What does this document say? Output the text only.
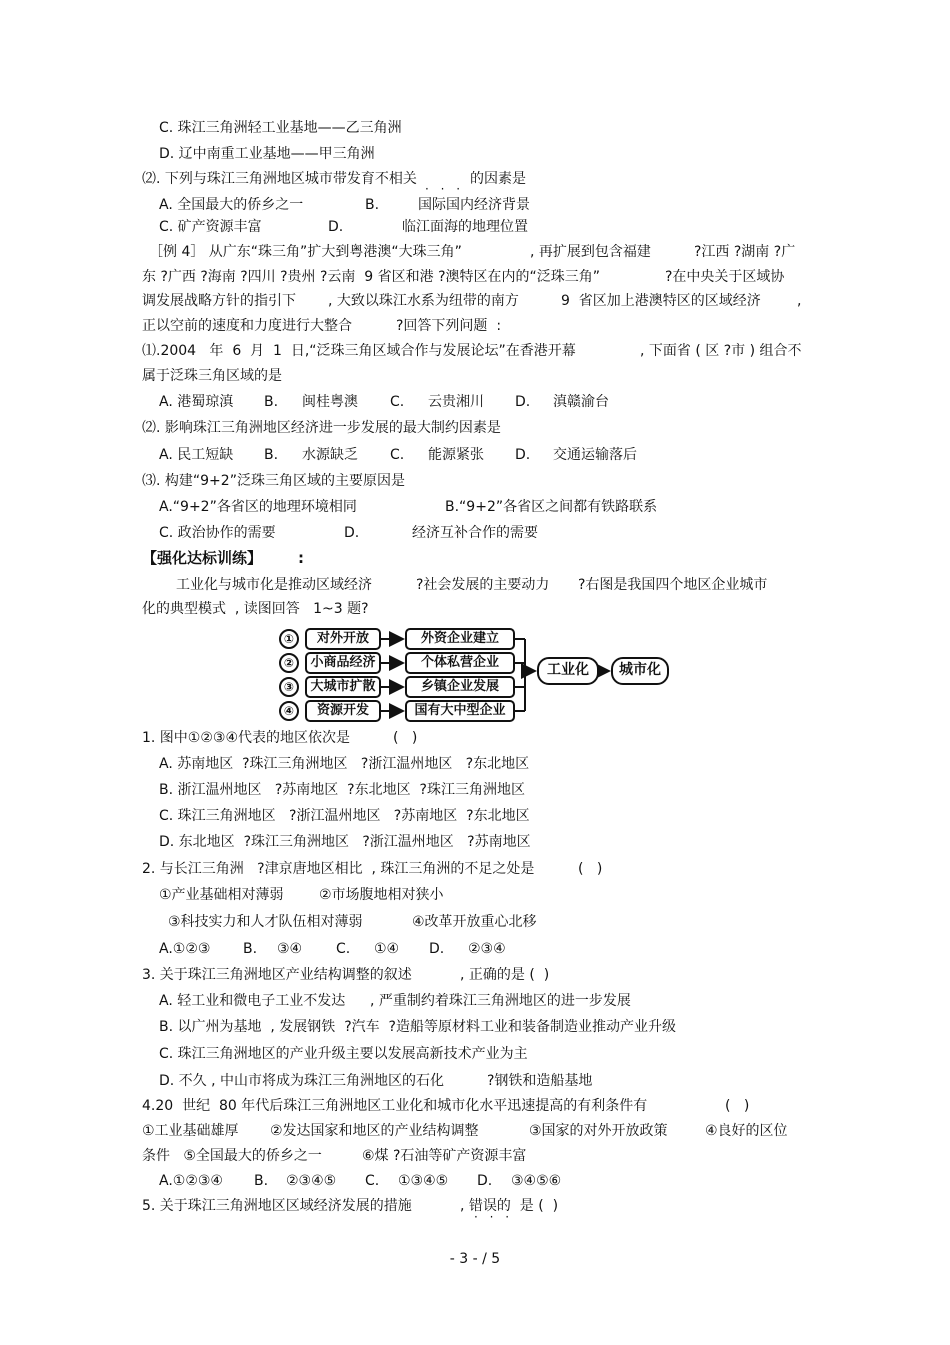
C. 珠江三角洲轻工业基地——乙三角洲
D. 辽中南重工业基地——甲三角洲
⑵. 下列与珠江三角洲地区城市带发育不相关
· · ·
的因素是
A. 全国最大的侨乡之一	B.	国际国内经济背景
C. 矿产资源丰富	D.	临江面海的地理位置
［例 4］ 从广东“珠三角”扩大到粤港澳“大珠三角”	, 再扩展到包含福建	?江西 ?湖南 ?广
东 ?广西 ?海南 ?四川 ?贵州 ?云南  9 省区和港 ?澳特区在内的“泛珠三角”	?在中央关于区域协
调发展战略方针的指引下 , 大致以珠江水系为纽带的南方	9  省区加上港澳特区的区域经济	,
正以空前的速度和力度进行大整合	?回答下列问题  :
⑴.2004   年  6  月  1  日,“泛珠三角区域合作与发展论坛”在香港开幕	, 下面省 ( 区 ?市 ) 组合不
属于泛珠三角区域的是
A. 港蜀琼滇 B. 闽桂粤澳 C. 云贵湘川 D. 滇赣渝台
⑵. 影响珠江三角洲地区经济进一步发展的最大制约因素是
A. 民工短缺 B. 水源缺乏 C. 能源紧张 D. 交通运输落后
⑶. 构建“9+2”泛珠三角区域的主要原因是
A.“9+2”各省区的地理环境相同	B.“9+2”各省区之间都有铁路联系
C. 政治协作的需要	D.	经济互补合作的需要
【强化达标训练】 :
工业化与城市化是推动区域经济	?社会发展的主要动力 ?右图是我国四个地区企业城市
化的典型模式  , 读图回答   1~3 题?
①
②
③
④
对外开放
小商品经济
大城市扩散
资源开发
外资企业建立
个体私营企业
乡镇企业发展
国有大中型企业
工业化	城市化
1. 图中①②③④代表的地区依次是	(   )
A. 苏南地区  ?珠江三角洲地区   ?浙江温州地区   ?东北地区
B. 浙江温州地区   ?苏南地区  ?东北地区  ?珠江三角洲地区
C. 珠江三角洲地区   ?浙江温州地区   ?苏南地区  ?东北地区
D. 东北地区  ?珠江三角洲地区   ?浙江温州地区   ?苏南地区
2. 与长江三角洲   ?津京唐地区相比  , 珠江三角洲的不足之处是	(   )
①产业基础相对薄弱	②市场腹地相对狭小
③科技实力和人才队伍相对薄弱	④改革开放重心北移
A.①②③ B. ③④ C. ①④ D. ②③④
3. 关于珠江三角洲地区产业结构调整的叙述	, 正确的是 (  )
A. 轻工业和微电子工业不发达 , 严重制约着珠江三角洲地区的进一步发展
B. 以广州为基地  , 发展钢铁  ?汽车  ?造船等原材料工业和装备制造业推动产业升级
C. 珠江三角洲地区的产业升级主要以发展高新技术产业为主
D. 不久 , 中山市将成为珠江三角洲地区的石化	?钢铁和造船基地
4.20  世纪  80 年代后珠江三角洲地区工业化和城市化水平迅速提高的有利条件有	(   )
①工业基础雄厚 ②发达国家和地区的产业结构调整	③国家的对外开放政策	④良好的区位
条件   ⑤全国最大的侨乡之一	⑥煤 ?石油等矿产资源丰富
A.①②③④ B. ②③④⑤ C. ①③④⑤ D. ③④⑤⑥
5. 关于珠江三角洲地区区域经济发展的措施	, 错误的  是 (  )
· · ·
- 3 - / 5
